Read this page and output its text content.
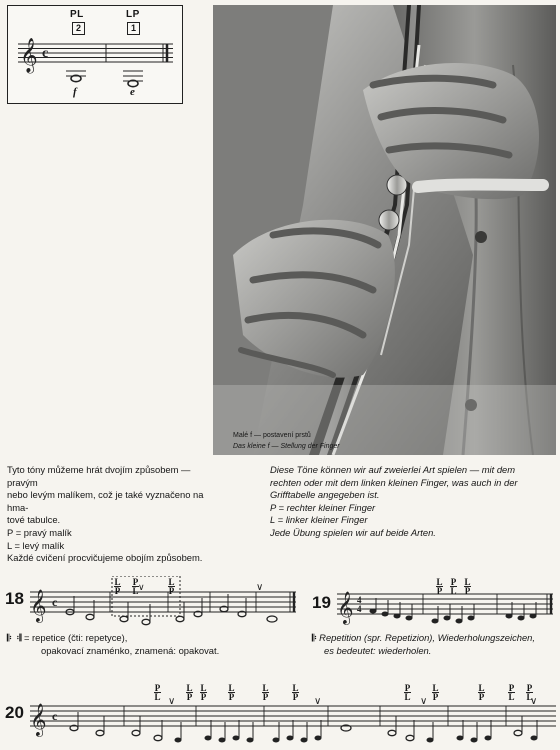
𝄞 c
PL
2
LP
1
f	e
Malé f — postavení prstů
Das kleine f — Stellung der Finger
Tyto tóny můžeme hrát dvojím způsobem — pravým
nebo levým malíkem, což je také vyznačeno na hma-
tové tabulce.
P = pravý malík
L = levý malík
Každé cvičení procvičujeme obojím způsobem.
Diese Töne können wir auf zweierlei Art spielen — mit dem
rechten oder mit dem linken kleinen Finger, was auch in der
Grifftabelle angegeben ist.
P = rechter kleiner Finger
L = linker kleiner Finger
Jede Übung spielen wir auf beide Arten.
18 𝄞 c
∨
∨
L
P
P
L
L
P
19 𝄞 4
4
L
P
P
L
L
P
𝄆  𝄇 = repetice (čti: repetyce),
opakovací znaménko, znamená: opakovat.
𝄆 Repetition (spr. Repetizion), Wiederholungszeichen,
es bedeutet: wiederholen.
20 𝄞 c
∨	∨	∨	∨
P
L
L
P
L
P
L
P
L
P
L
P
P
L
L
P
L
P
P
L
P
L
